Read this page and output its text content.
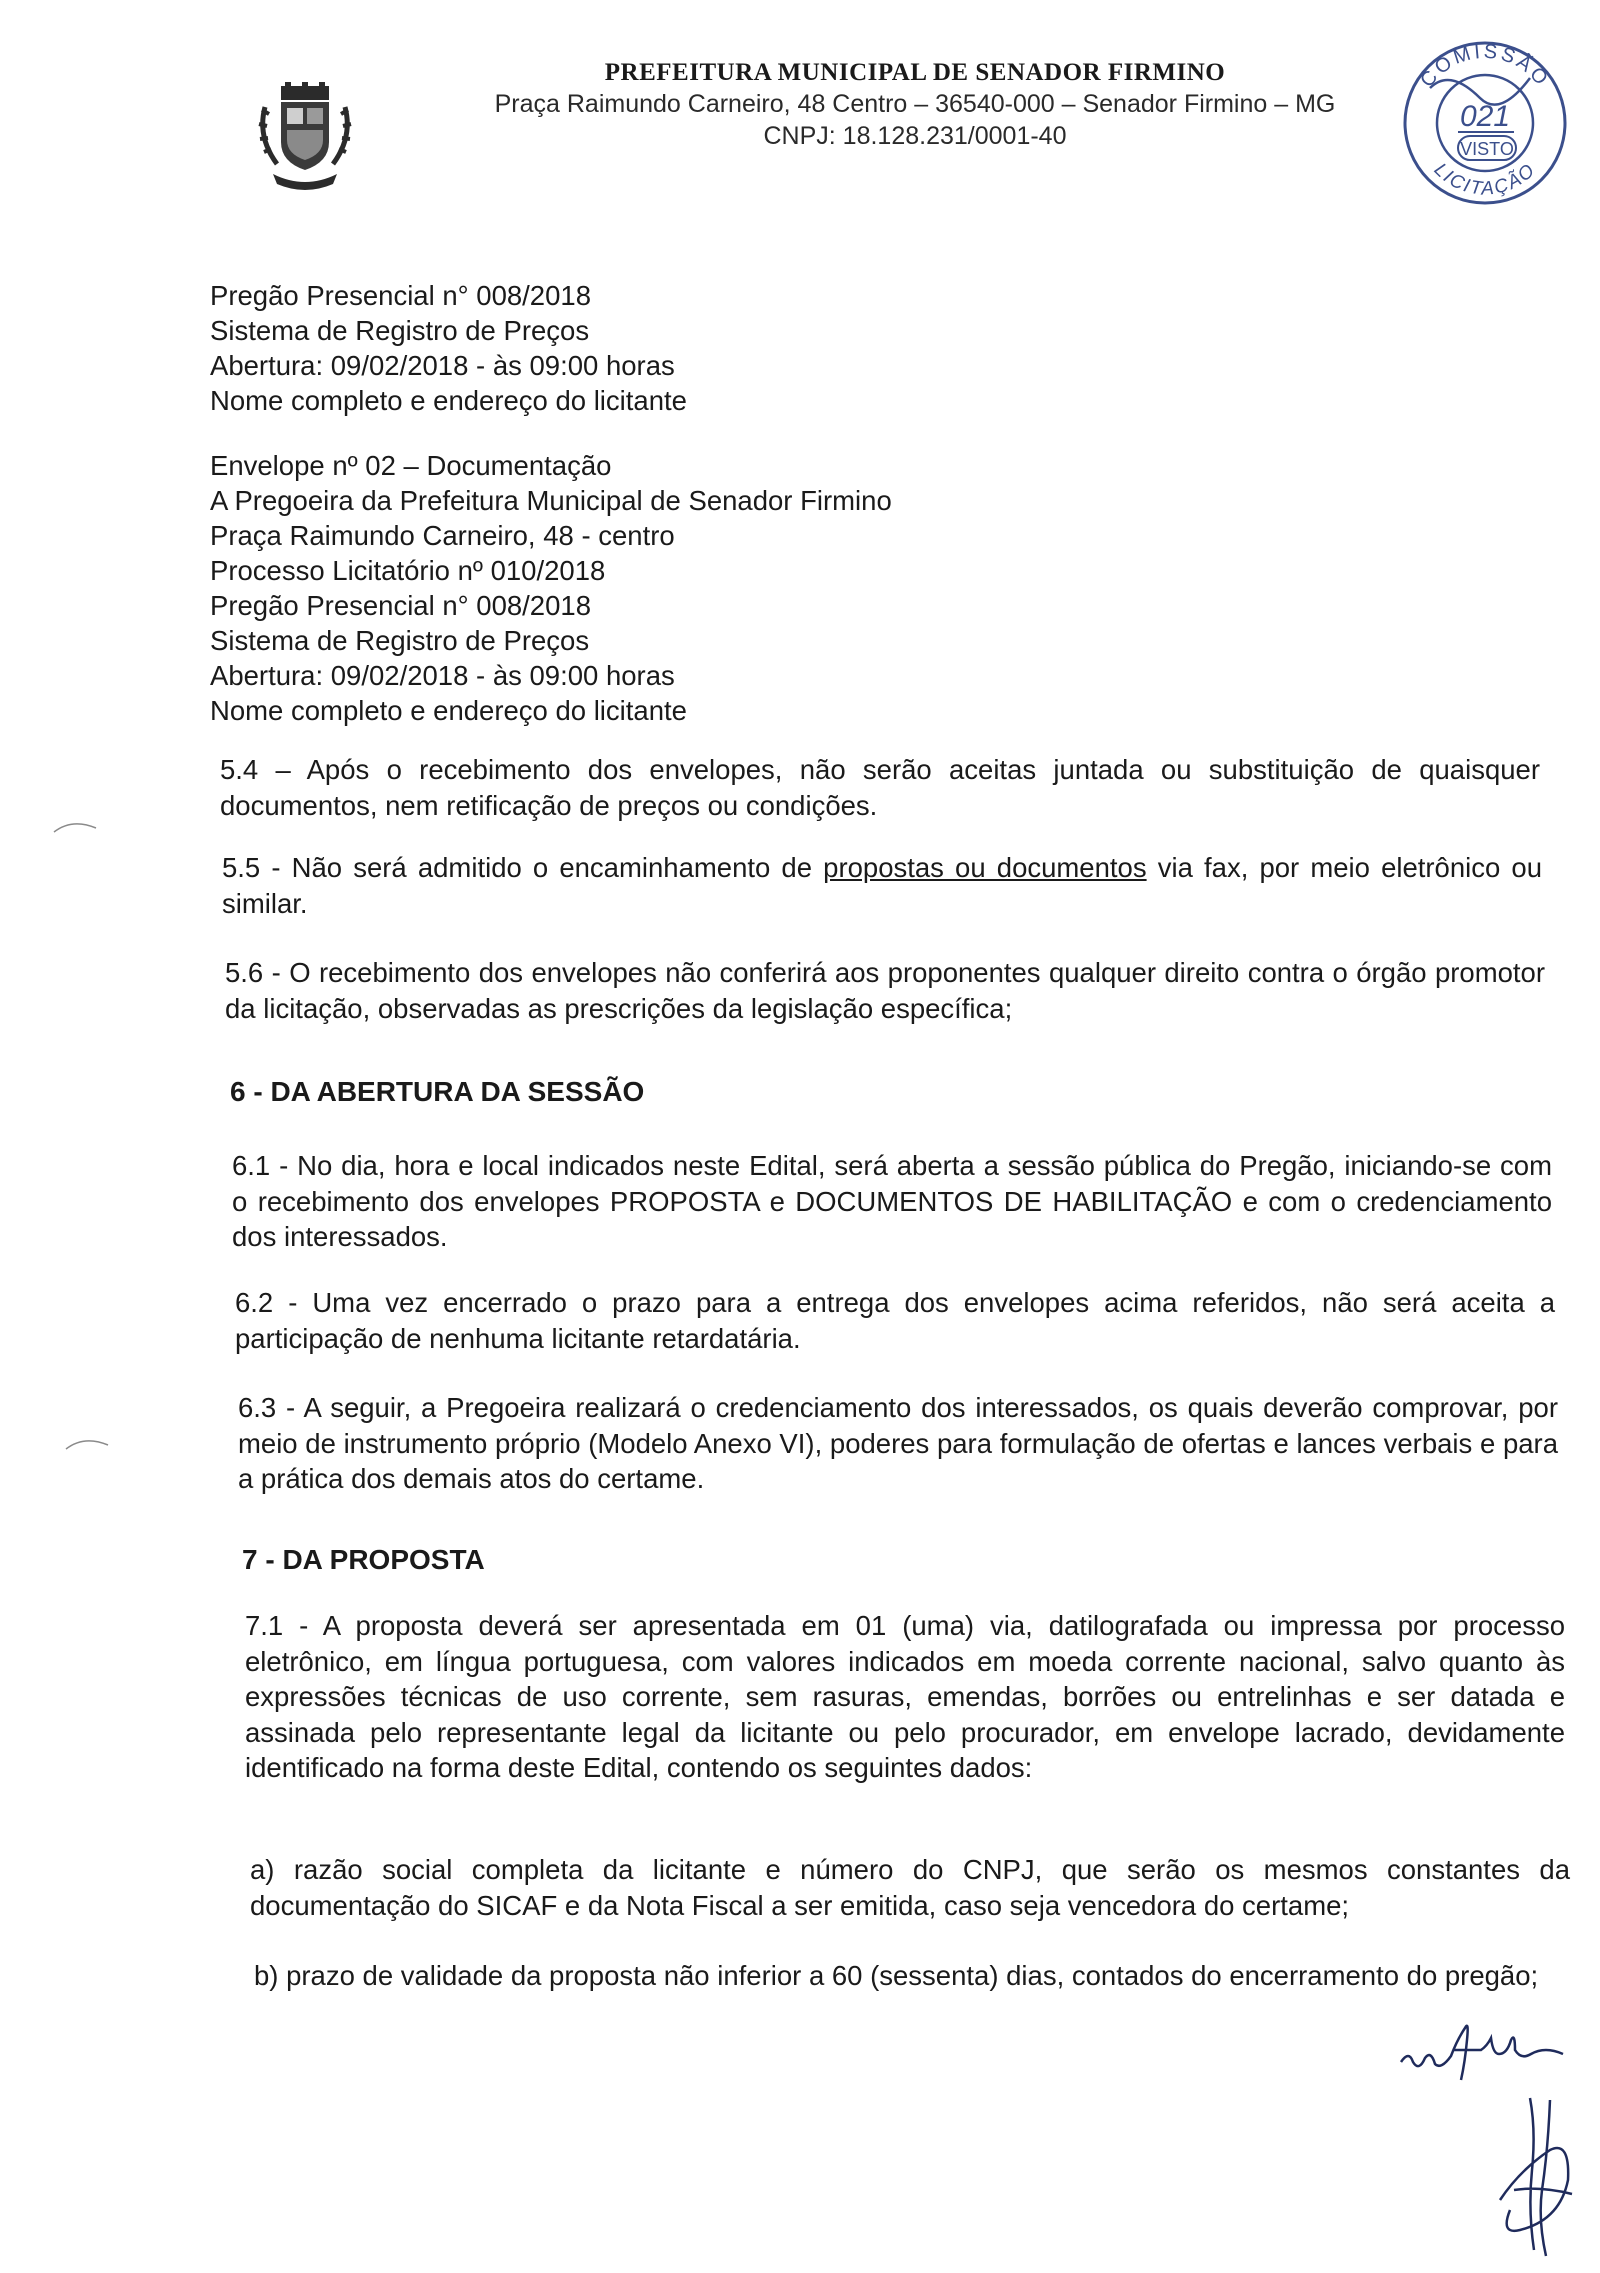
PREFEITURA MUNICIPAL DE SENADOR FIRMINO

Praça Raimundo Carneiro, 48 Centro – 36540-000 – Senador Firmino – MG

CNPJ: 18.128.231/0001-40

COMISSÃO
021
VISTO
LICITAÇÃO

Pregão Presencial n° 008/2018

Sistema de Registro de Preços

Abertura: 09/02/2018 - às 09:00 horas

Nome completo e endereço do licitante

Envelope nº 02 – Documentação

A Pregoeira da Prefeitura Municipal de Senador Firmino

Praça Raimundo Carneiro, 48 - centro

Processo Licitatório nº 010/2018

Pregão Presencial n° 008/2018

Sistema de Registro de Preços

Abertura: 09/02/2018 - às 09:00 horas

Nome completo e endereço do licitante

5.4 – Após o recebimento dos envelopes, não serão aceitas juntada ou substituição de quaisquer documentos, nem retificação de preços ou condições.

5.5 - Não será admitido o encaminhamento de propostas ou documentos via fax, por meio eletrônico ou similar.

5.6 - O recebimento dos envelopes não conferirá aos proponentes qualquer direito contra o órgão promotor da licitação, observadas as prescrições da legislação específica;

6 - DA ABERTURA DA SESSÃO

6.1 - No dia, hora e local indicados neste Edital, será aberta a sessão pública do Pregão, iniciando-se com o recebimento dos envelopes PROPOSTA e DOCUMENTOS DE HABILITAÇÃO e com o credenciamento dos interessados.

6.2 - Uma vez encerrado o prazo para a entrega dos envelopes acima referidos, não será aceita a participação de nenhuma licitante retardatária.

6.3 - A seguir, a Pregoeira realizará o credenciamento dos interessados, os quais deverão comprovar, por meio de instrumento próprio (Modelo Anexo VI), poderes para formulação de ofertas e lances verbais e para a prática dos demais atos do certame.

7 - DA PROPOSTA

7.1 - A proposta deverá ser apresentada em 01 (uma) via, datilografada ou impressa por processo eletrônico, em língua portuguesa, com valores indicados em moeda corrente nacional, salvo quanto às expressões técnicas de uso corrente, sem rasuras, emendas, borrões ou entrelinhas e ser datada e assinada pelo representante legal da licitante ou pelo procurador, em envelope lacrado, devidamente identificado na forma deste Edital, contendo os seguintes dados:

a) razão social completa da licitante e número do CNPJ, que serão os mesmos constantes da documentação do SICAF e da Nota Fiscal a ser emitida, caso seja vencedora do certame;

b) prazo de validade da proposta não inferior a 60 (sessenta) dias, contados do encerramento do pregão;
